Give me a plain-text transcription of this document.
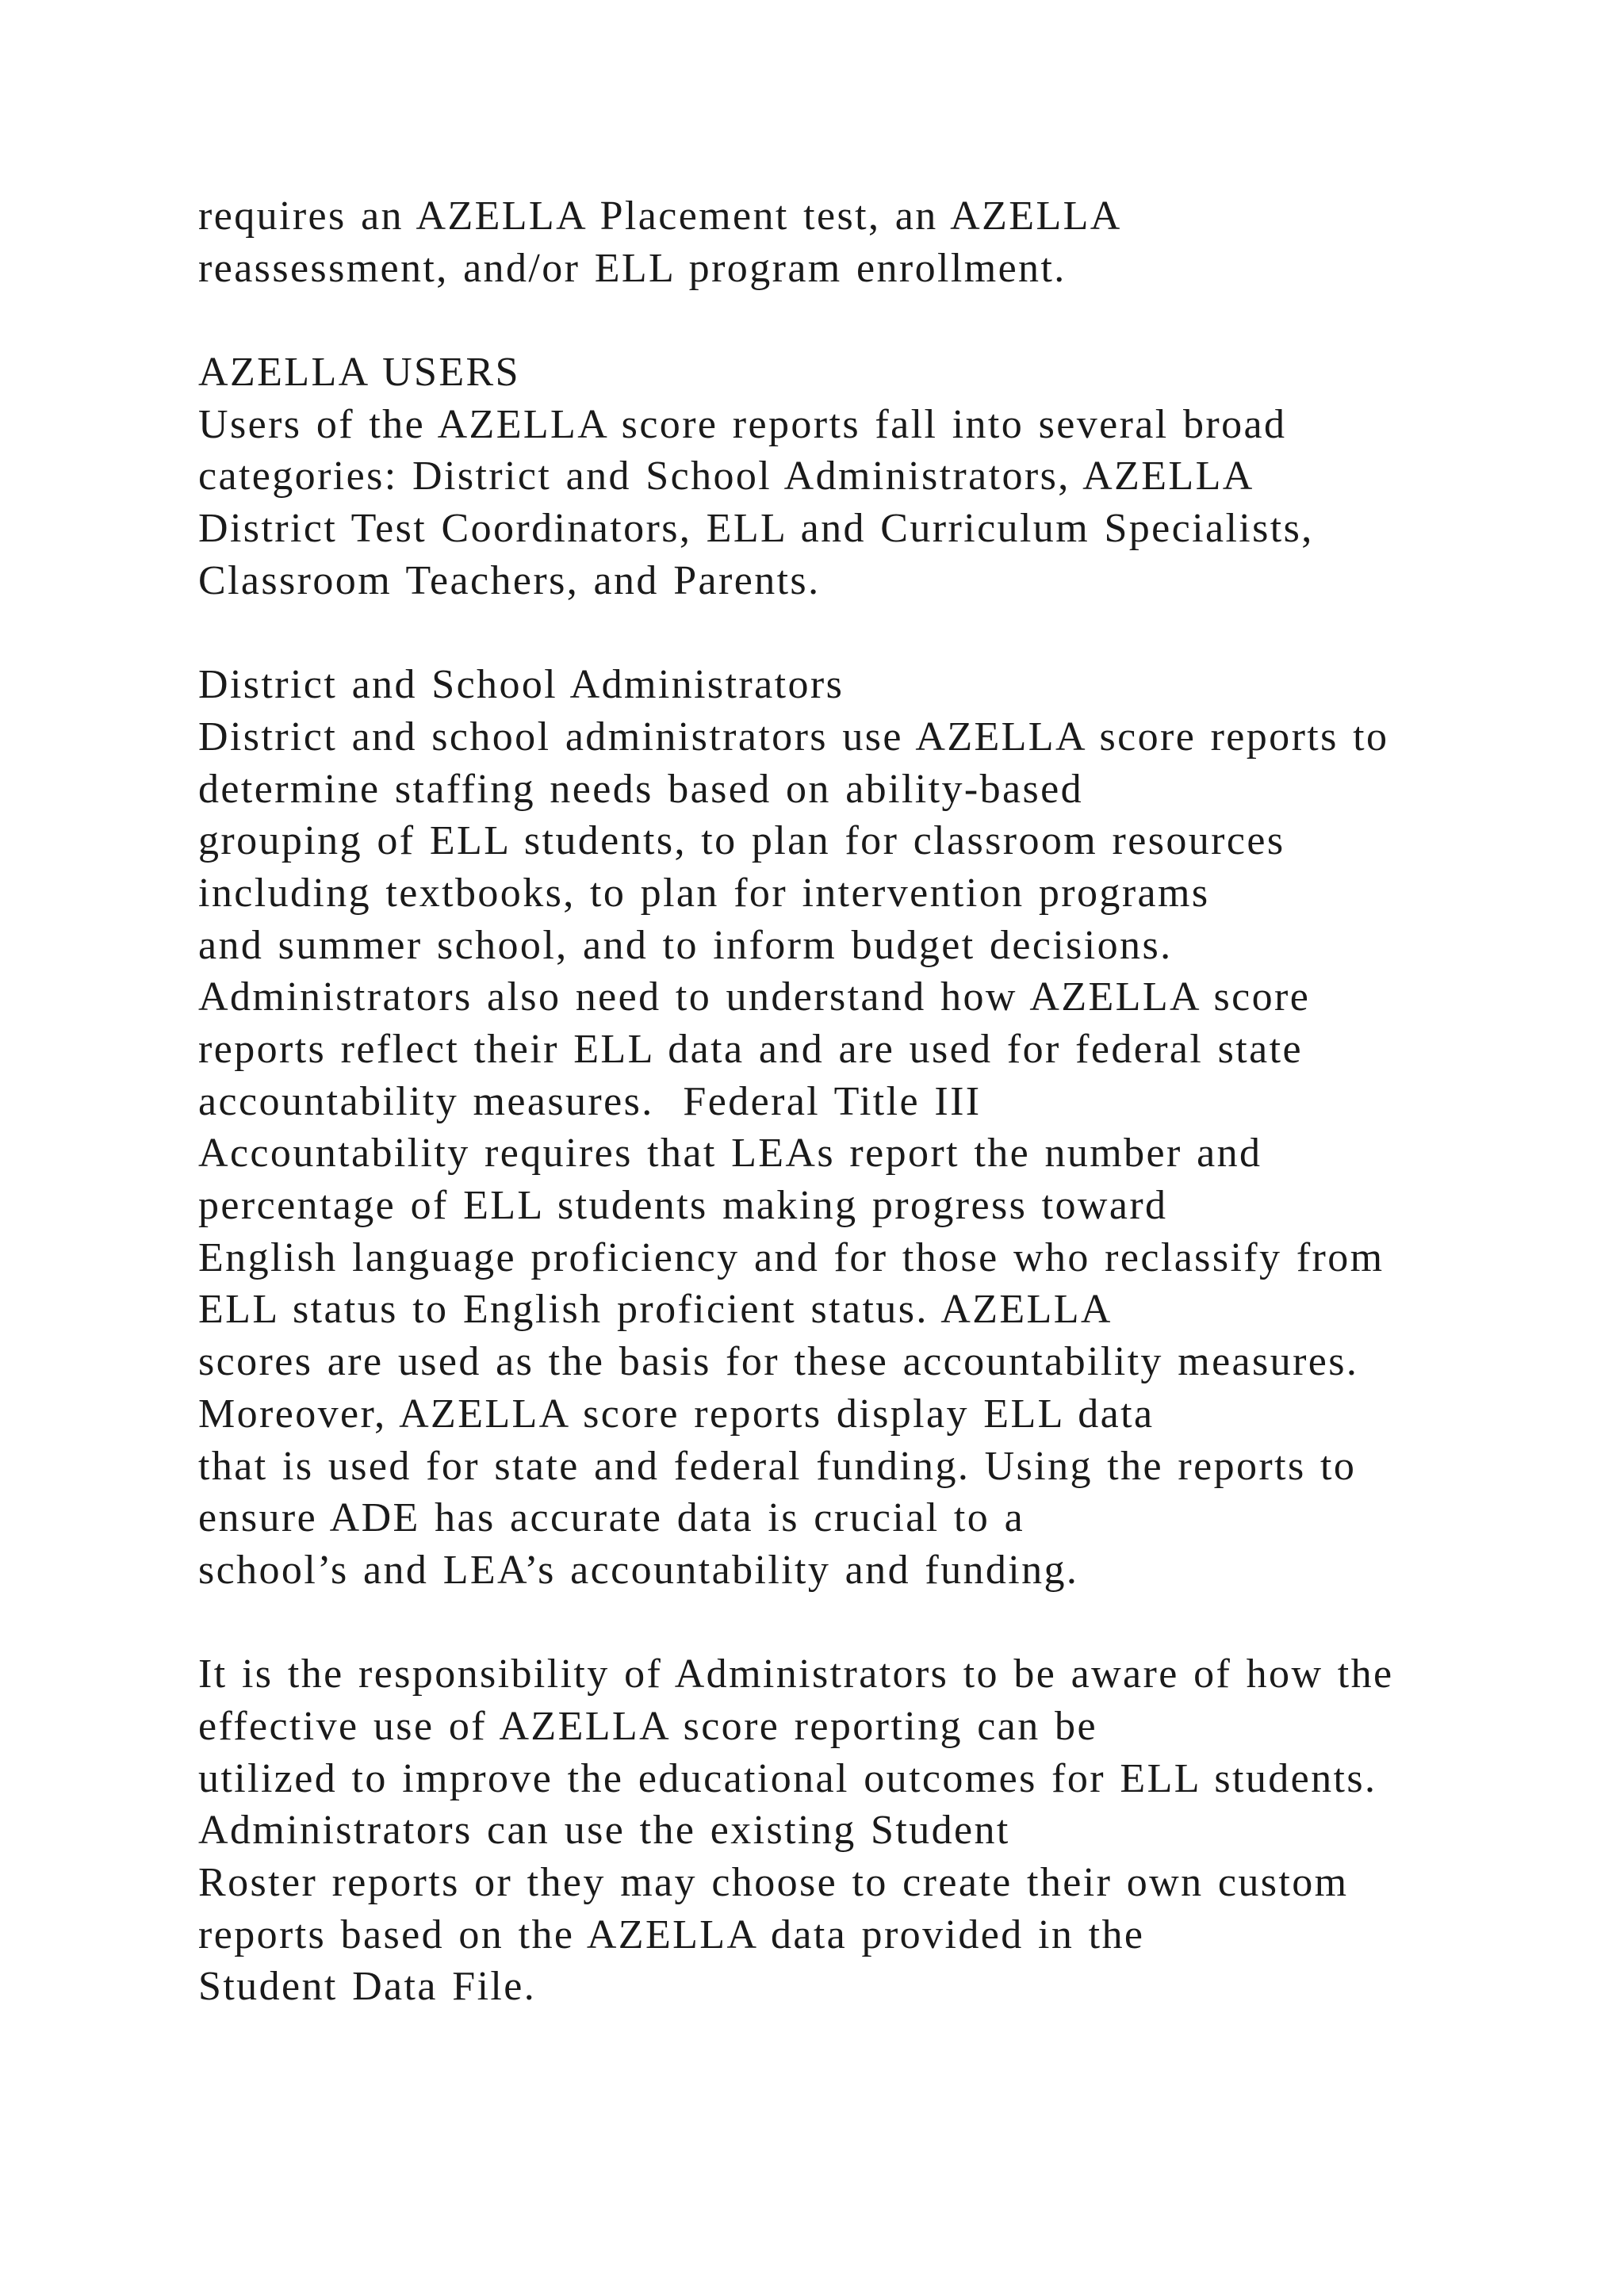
requires an AZELLA Placement test, an AZELLA
reassessment, and/or ELL program enrollment.
AZELLA USERS
Users of the AZELLA score reports fall into several broad
categories: District and School Administrators, AZELLA
District Test Coordinators, ELL and Curriculum Specialists,
Classroom Teachers, and Parents.
District and School Administrators
District and school administrators use AZELLA score reports to
determine staffing needs based on ability-based
grouping of ELL students, to plan for classroom resources
including textbooks, to plan for intervention programs
and summer school, and to inform budget decisions.
Administrators also need to understand how AZELLA score
reports reflect their ELL data and are used for federal state
accountability measures.  Federal Title III
Accountability requires that LEAs report the number and
percentage of ELL students making progress toward
English language proficiency and for those who reclassify from
ELL status to English proficient status. AZELLA
scores are used as the basis for these accountability measures.
Moreover, AZELLA score reports display ELL data
that is used for state and federal funding. Using the reports to
ensure ADE has accurate data is crucial to a
school’s and LEA’s accountability and funding.
It is the responsibility of Administrators to be aware of how the
effective use of AZELLA score reporting can be
utilized to improve the educational outcomes for ELL students.
Administrators can use the existing Student
Roster reports or they may choose to create their own custom
reports based on the AZELLA data provided in the
Student Data File.
